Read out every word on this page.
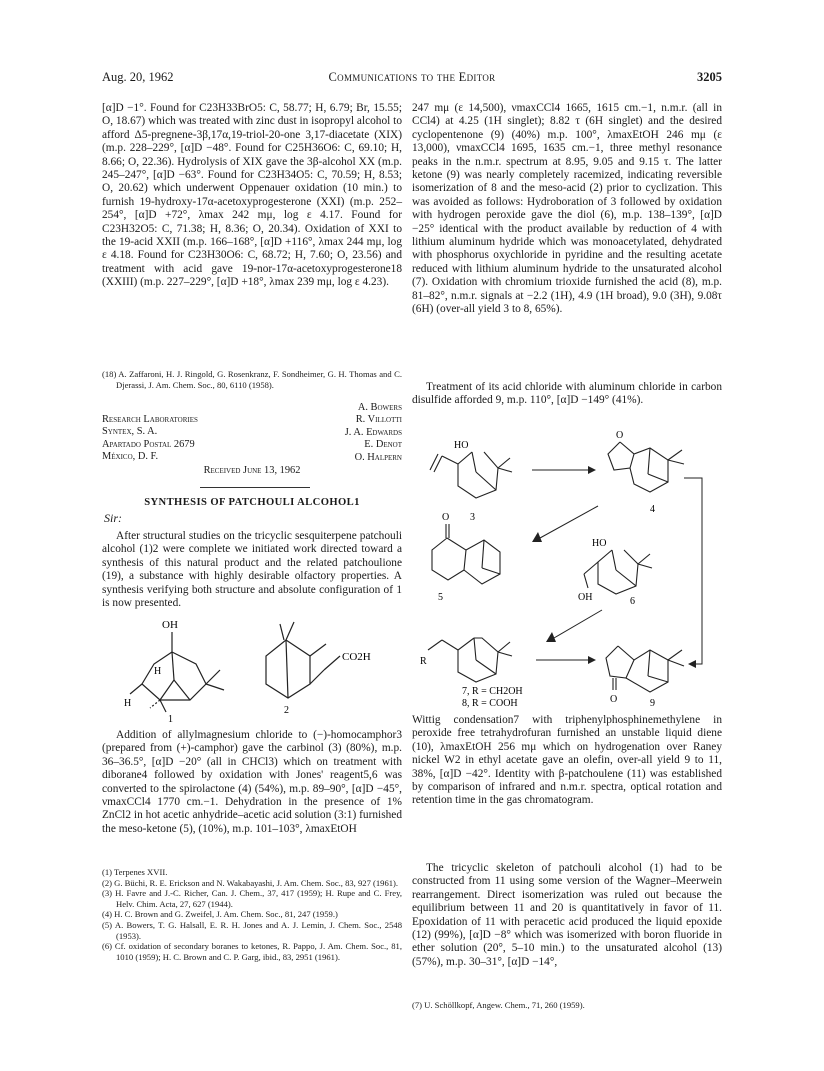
Aug. 20, 1962	Communications to the Editor	3205

[α]D −1°. Found for C23H33BrO5: C, 58.77; H, 6.79; Br, 15.55; O, 18.67) which was treated with zinc dust in isopropyl alcohol to afford Δ5-pregnene-3β,17α,19-triol-20-one 3,17-diacetate (XIX) (m.p. 228–229°, [α]D −48°. Found for C25H36O6: C, 69.10; H, 8.66; O, 22.36). Hydrolysis of XIX gave the 3β-alcohol XX (m.p. 245–247°, [α]D −63°. Found for C23H34O5: C, 70.59; H, 8.53; O, 20.62) which underwent Oppenauer oxidation (10 min.) to furnish 19-hydroxy-17α-acetoxyprogesterone (XXI) (m.p. 252–254°, [α]D +72°, λmax 242 mμ, log ε 4.17. Found for C23H32O5: C, 71.38; H, 8.36; O, 20.34). Oxidation of XXI to the 19-acid XXII (m.p. 166–168°, [α]D +116°, λmax 244 mμ, log ε 4.18. Found for C23H30O6: C, 68.72; H, 7.60; O, 23.56) and treatment with acid gave 19-nor-17α-acetoxyprogesterone18 (XXIII) (m.p. 227–229°, [α]D +18°, λmax 239 mμ, log ε 4.23).

(18) A. Zaffaroni, H. J. Ringold, G. Rosenkranz, F. Sondheimer, G. H. Thomas and C. Djerassi, J. Am. Chem. Soc., 80, 6110 (1958).

Research Laboratories

Syntex, S. A.

Apartado Postal 2679

México, D. F.

A. Bowers

R. Villotti

J. A. Edwards

E. Denot

O. Halpern

Received June 13, 1962
SYNTHESIS OF PATCHOULI ALCOHOL1
Sir:

After structural studies on the tricyclic sesquiterpene patchouli alcohol (1)2 were complete we initiated work directed toward a synthesis of this natural product and the related patchoulione (19), a substance with highly desirable olfactory properties. A synthesis verifying both structure and absolute configuration of 1 is now presented.

OH
H
H
1
CO2H
2

Addition of allylmagnesium chloride to (−)-homocamphor3 (prepared from (+)-camphor) gave the carbinol (3) (80%), m.p. 36–36.5°, [α]D −20° (all in CHCl3) which on treatment with diborane4 followed by oxidation with Jones' reagent5,6 was converted to the spirolactone (4) (54%), m.p. 89–90°, [α]D −45°, νmaxCCl4 1770 cm.−1. Dehydration in the presence of 1% ZnCl2 in hot acetic anhydride–acetic acid solution (3:1) furnished the meso-ketone (5), (10%), m.p. 101–103°, λmaxEtOH

(1) Terpenes XVII.

(2) G. Büchi, R. E. Erickson and N. Wakabayashi, J. Am. Chem. Soc., 83, 927 (1961).

(3) H. Favre and J.-C. Richer, Can. J. Chem., 37, 417 (1959); H. Rupe and C. Frey, Helv. Chim. Acta, 27, 627 (1944).

(4) H. C. Brown and G. Zweifel, J. Am. Chem. Soc., 81, 247 (1959.)

(5) A. Bowers, T. G. Halsall, E. R. H. Jones and A. J. Lemin, J. Chem. Soc., 2548 (1953).

(6) Cf. oxidation of secondary boranes to ketones, R. Pappo, J. Am. Chem. Soc., 81, 1010 (1959); H. C. Brown and C. P. Garg, ibid., 83, 2951 (1961).

247 mμ (ε 14,500), νmaxCCl4 1665, 1615 cm.−1, n.m.r. (all in CCl4) at 4.25 (1H singlet); 8.82 τ (6H singlet) and the desired cyclopentenone (9) (40%) m.p. 100°, λmaxEtOH 246 mμ (ε 13,000), νmaxCCl4 1695, 1635 cm.−1, three methyl resonance peaks in the n.m.r. spectrum at 8.95, 9.05 and 9.15 τ. The latter ketone (9) was nearly completely racemized, indicating reversible isomerization of 8 and the meso-acid (2) prior to cyclization. This was avoided as follows: Hydroboration of 3 followed by oxidation with hydrogen peroxide gave the diol (6), m.p. 138–139°, [α]D −25° identical with the product available by reduction of 4 with lithium aluminum hydride which was monoacetylated, dehydrated with phosphorus oxychloride in pyridine and the resulting acetate reduced with lithium aluminum hydride to the unsaturated alcohol (7). Oxidation with chromium trioxide furnished the acid (8), m.p. 81–82°, n.m.r. signals at −2.2 (1H), 4.9 (1H broad), 9.0 (3H), 9.08τ (6H) (over-all yield 3 to 8, 65%).

Treatment of its acid chloride with aluminum chloride in carbon disulfide afforded 9, m.p. 110°, [α]D −149° (41%).

HO
3
O
4
O
5
HO
OH	6
R
7, R = CH2OH
8, R = COOH	O	9

Wittig condensation7 with triphenylphosphinemethylene in peroxide free tetrahydrofuran furnished an unstable liquid diene (10), λmaxEtOH 256 mμ which on hydrogenation over Raney nickel W2 in ethyl acetate gave an olefin, over-all yield 9 to 11, 38%, [α]D −42°. Identity with β-patchoulene (11) was established by comparison of infrared and n.m.r. spectra, optical rotation and retention time in the gas chromatogram.

The tricyclic skeleton of patchouli alcohol (1) had to be constructed from 11 using some version of the Wagner–Meerwein rearrangement. Direct isomerization was ruled out because the equilibrium between 11 and 20 is quantitatively in favor of 11. Epoxidation of 11 with peracetic acid produced the liquid epoxide (12) (99%), [α]D −8° which was isomerized with boron fluoride in ether solution (20°, 5–10 min.) to the unsaturated alcohol (13) (57%), m.p. 30–31°, [α]D −14°,

(7) U. Schöllkopf, Angew. Chem., 71, 260 (1959).
